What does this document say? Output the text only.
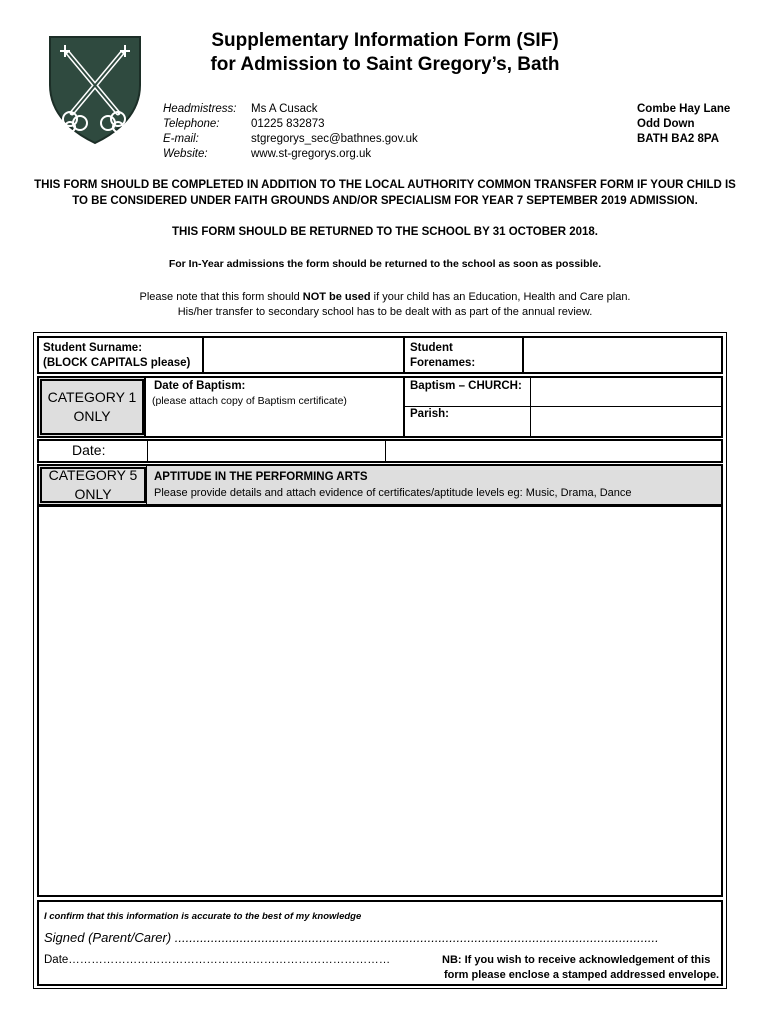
Supplementary Information Form (SIF)
for Admission to Saint Gregory’s, Bath
Headmistress:	Ms A Cusack
Telephone:	01225 832873
E-mail:	stgregorys_sec@bathnes.gov.uk
Website:	www.st-gregorys.org.uk
Combe Hay Lane
Odd Down
BATH BA2 8PA
THIS FORM SHOULD BE COMPLETED IN ADDITION TO THE LOCAL AUTHORITY COMMON TRANSFER FORM IF YOUR CHILD IS
TO BE CONSIDERED UNDER FAITH GROUNDS AND/OR SPECIALISM FOR YEAR 7 SEPTEMBER 2019 ADMISSION.
THIS FORM SHOULD BE RETURNED TO THE SCHOOL BY 31 OCTOBER 2018.
For In-Year admissions the form should be returned to the school as soon as possible.
Please note that this form should NOT be used if your child has an Education, Health and Care plan.
His/her transfer to secondary school has to be dealt with as part of the annual review.
Student Surname:
(BLOCK CAPITALS please)
Student
Forenames:
CATEGORY 1
ONLY
Date of Baptism:
(please attach copy of Baptism certificate)
Baptism – CHURCH:
Parish:
Date:
CATEGORY 5
ONLY
APTITUDE IN THE PERFORMING ARTS
Please provide details and attach evidence of certificates/aptitude levels eg: Music, Drama, Dance
I confirm that this information is accurate to the best of my knowledge
Signed (Parent/Carer) ......................................................................................................................................
Date…………………………………………………………………………	NB: If you wish to receive acknowledgement of this
form please enclose a stamped addressed envelope.
